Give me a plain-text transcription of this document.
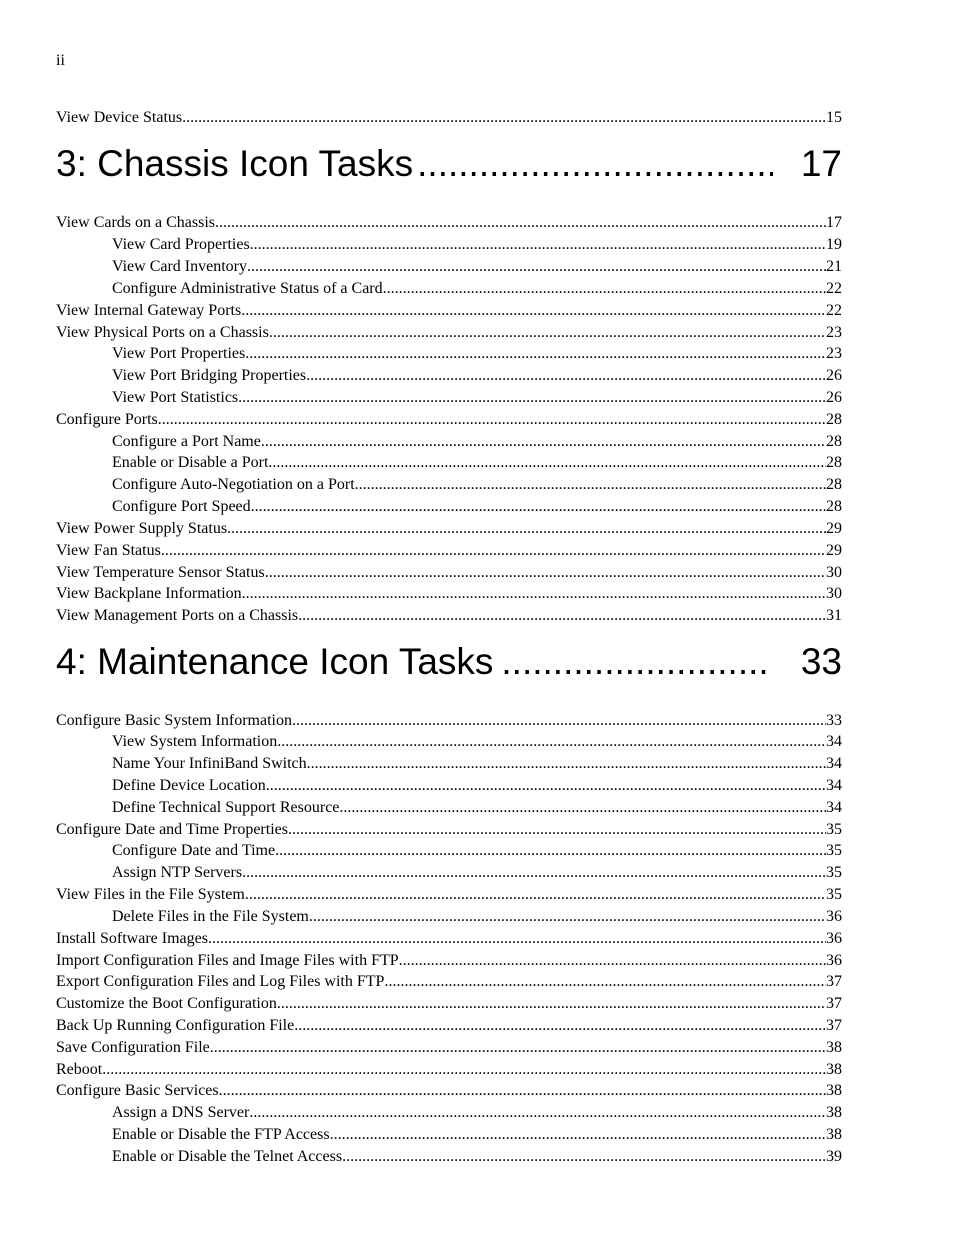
ii
View Device Status .....	15
3: Chassis Icon Tasks .....	17
View Cards on a Chassis .....	17
View Card Properties .....	19
View Card Inventory .....	21
Configure Administrative Status of a Card .....	22
View Internal Gateway Ports .....	22
View Physical Ports on a Chassis .....	23
View Port Properties .....	23
View Port Bridging Properties .....	26
View Port Statistics .....	26
Configure Ports .....	28
Configure a Port Name .....	28
Enable or Disable a Port .....	28
Configure Auto-Negotiation on a Port .....	28
Configure Port Speed .....	28
View Power Supply Status .....	29
View Fan Status .....	29
View Temperature Sensor Status .....	30
View Backplane Information .....	30
View Management Ports on a Chassis .....	31
4: Maintenance Icon Tasks .....	33
Configure Basic System Information .....	33
View System Information .....	34
Name Your InfiniBand Switch .....	34
Define Device Location .....	34
Define Technical Support Resource .....	34
Configure Date and Time Properties .....	35
Configure Date and Time .....	35
Assign NTP Servers .....	35
View Files in the File System .....	35
Delete Files in the File System .....	36
Install Software Images .....	36
Import Configuration Files and Image Files with FTP .....	36
Export Configuration Files and Log Files with FTP .....	37
Customize the Boot Configuration .....	37
Back Up Running Configuration File .....	37
Save Configuration File .....	38
Reboot .....	38
Configure Basic Services .....	38
Assign a DNS Server .....	38
Enable or Disable the FTP Access .....	38
Enable or Disable the Telnet Access .....	39
